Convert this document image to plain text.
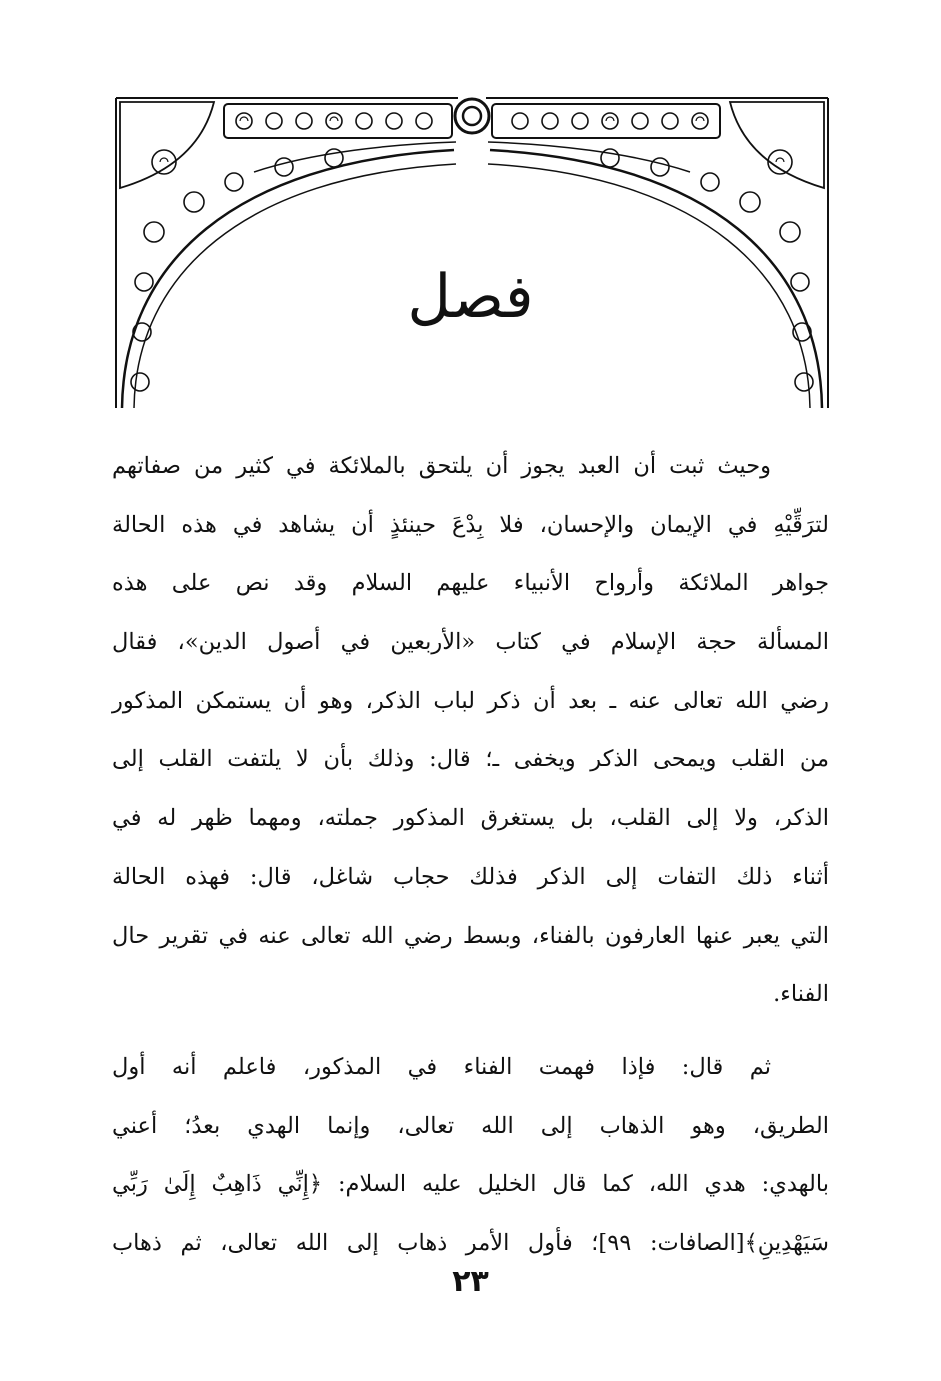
فصل
وحيث ثبت أن العبد يجوز أن يلتحق بالملائكة في كثير من صفاتهم
لترَقِّيْهِ في الإيمان والإحسان، فلا بِدْعَ حينئذٍ أن يشاهد في هذه الحالة
جواهر الملائكة وأرواح الأنبياء عليهم السلام وقد نص على هذه
المسألة حجة الإسلام في كتاب «الأربعين في أصول الدين»، فقال
رضي الله تعالى عنه ـ بعد أن ذكر لباب الذكر، وهو أن يستمكن المذكور
من القلب ويمحى الذكر ويخفى ـ؛ قال: وذلك بأن لا يلتفت القلب إلى
الذكر، ولا إلى القلب، بل يستغرق المذكور جملته، ومهما ظهر له في
أثناء ذلك التفات إلى الذكر فذلك حجاب شاغل، قال: فهذه الحالة
التي يعبر عنها العارفون بالفناء، وبسط رضي الله تعالى عنه في تقرير حال
الفناء.
ثم قال: فإذا فهمت الفناء في المذكور، فاعلم أنه أول
الطريق، وهو الذهاب إلى الله تعالى، وإنما الهدي بعدُ؛ أعني
بالهدي: هدي الله، كما قال الخليل عليه السلام: ﴿إِنِّي ذَاهِبٌ إِلَىٰ رَبِّي
سَيَهْدِينِ﴾[الصافات: ٩٩]؛ فأول الأمر ذهاب إلى الله تعالى، ثم ذهاب
٢٣
